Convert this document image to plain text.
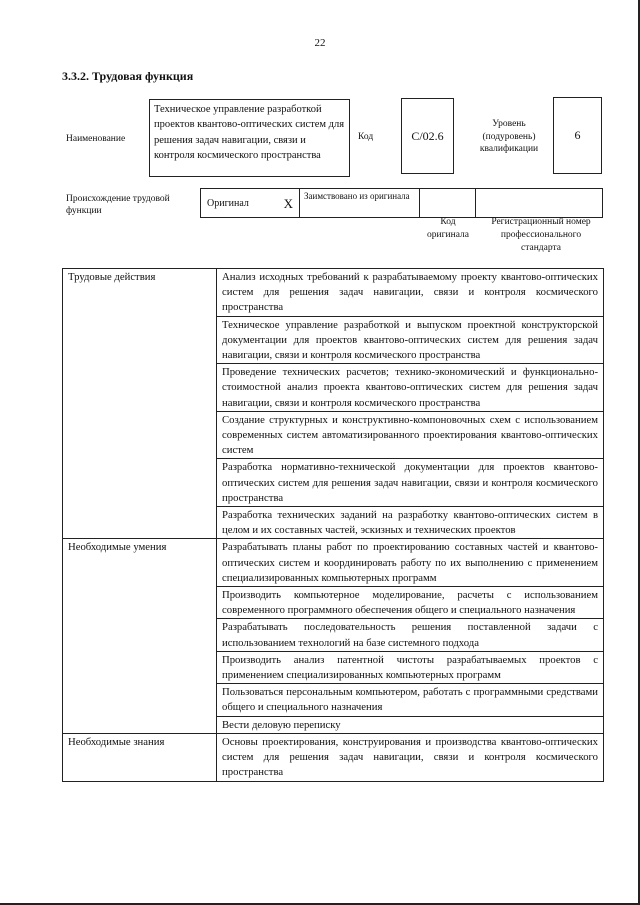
22
3.3.2. Трудовая функция
Наименование
Техническое управление разработкой проектов квантово-оптических систем для решения задач навигации, связи и контроля космического пространства
Код	C/02.6
Уровень (подуровень) квалификации
6
Происхождение трудовой функции
Оригинал	X	Заимствовано из оригинала
Код оригинала
Регистрационный номер профессионального стандарта
Трудовые действия	Анализ исходных требований к разрабатываемому проекту квантово-оптических систем для решения задач навигации, связи и контроля космического пространства
	Техническое управление разработкой и выпуском проектной конструкторской документации для проектов квантово-оптических систем для решения задач навигации, связи и контроля космического пространства
	Проведение технических расчетов; технико-экономический и функционально-стоимостной анализ проекта квантово-оптических систем для решения задач навигации, связи и контроля космического пространства
	Создание структурных и конструктивно-компоновочных схем с использованием современных систем автоматизированного проектирования квантово-оптических систем
	Разработка нормативно-технической документации для проектов квантово-оптических систем для решения задач навигации, связи и контроля космического пространства
	Разработка технических заданий на разработку квантово-оптических систем в целом и их составных частей, эскизных и технических проектов
Необходимые умения	Разрабатывать планы работ по проектированию составных частей и квантово-оптических систем и координировать работу по их выполнению с применением специализированных компьютерных программ
	Производить компьютерное моделирование, расчеты с использованием современного программного обеспечения общего и специального назначения
	Разрабатывать последовательность решения поставленной задачи с использованием технологий на базе системного подхода
	Производить анализ патентной чистоты разрабатываемых проектов с применением специализированных компьютерных программ
	Пользоваться персональным компьютером, работать с программными средствами общего и специального назначения
	Вести деловую переписку
Необходимые знания	Основы проектирования, конструирования и производства квантово-оптических систем для решения задач навигации, связи и контроля космического пространства
